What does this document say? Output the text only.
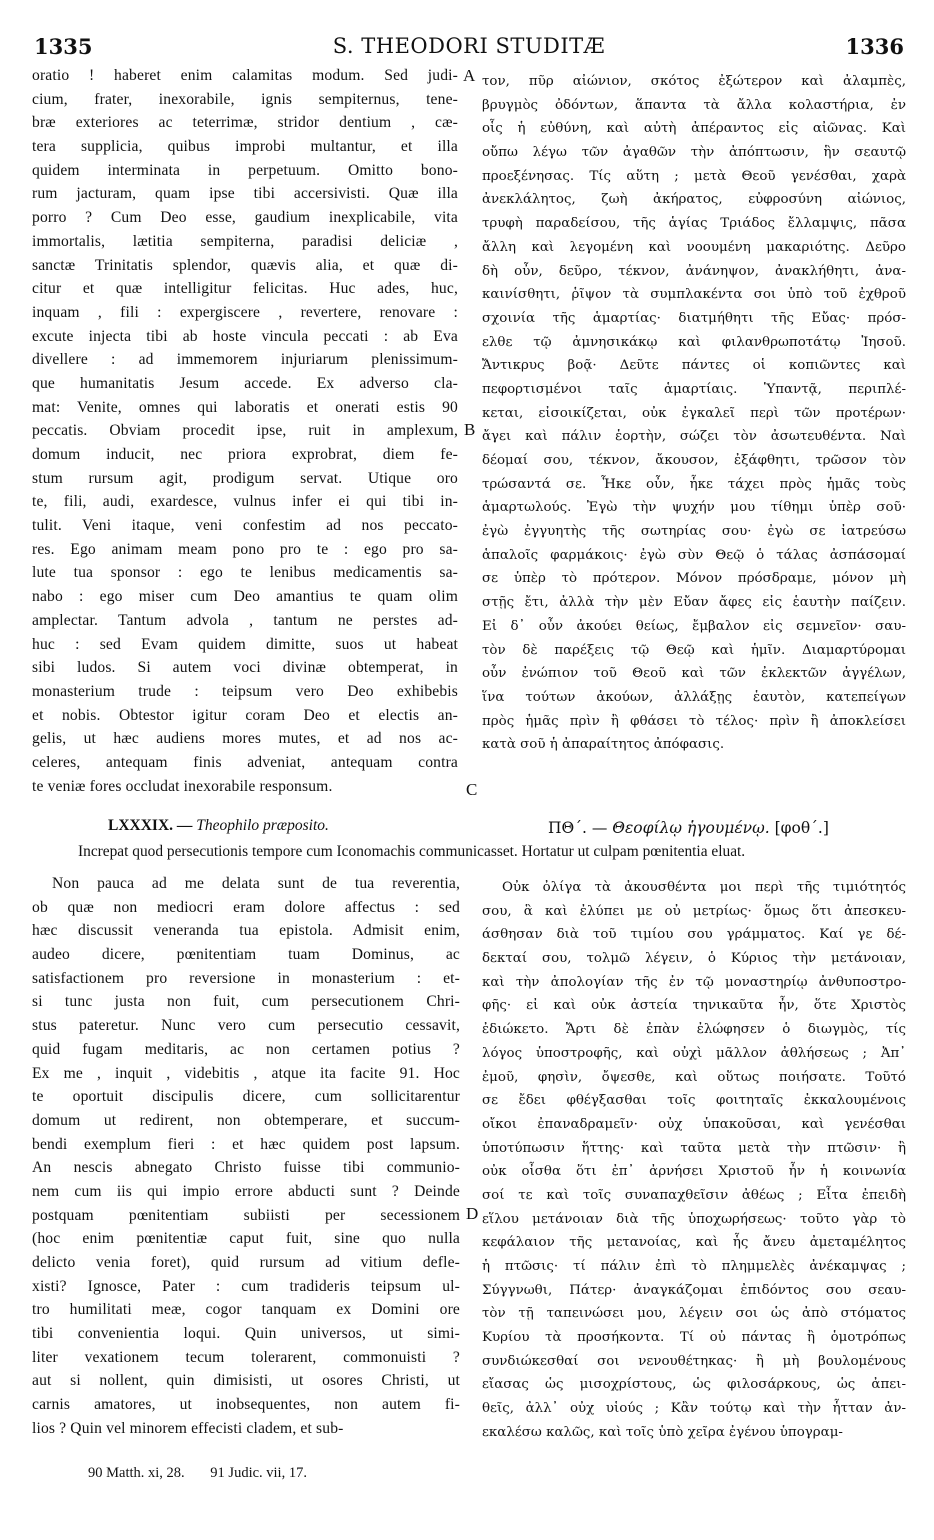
S. THEODORI STUDITÆ
1335	1336
oratio ! haberet enim calamitas modum. Sed judi-
cium, frater, inexorabile, ignis sempiternus, tene-
bræ exteriores ac teterrimæ, stridor dentium , cæ-
tera supplicia, quibus improbi multantur, et illa
quidem interminata in perpetuum. Omitto bono-
rum jacturam, quam ipse tibi accersivisti. Quæ illa
porro ? Cum Deo esse, gaudium inexplicabile, vita
immortalis, lætitia sempiterna, paradisi deliciæ ,
sanctæ Trinitatis splendor, quævis alia, et quæ di-
citur et quæ intelligitur felicitas. Huc ades, huc,
inquam , fili : expergiscere , revertere, renovare :
excute injecta tibi ab hoste vincula peccati : ab Eva
divellere : ad immemorem injuriarum plenissimum-
que humanitatis Jesum accede. Ex adverso cla-
mat: Venite, omnes qui laboratis et onerati estis 90
peccatis. Obviam procedit ipse, ruit in amplexum,
domum inducit, nec priora exprobrat, diem fe-
stum rursum agit, prodigum servat. Utique oro
te, fili, audi, exardesce, vulnus infer ei qui tibi in-
tulit. Veni itaque, veni confestim ad nos peccato-
res. Ego animam meam pono pro te : ego pro sa-
lute tua sponsor : ego te lenibus medicamentis sa-
nabo : ego miser cum Deo amantius te quam olim
amplectar. Tantum advola , tantum ne perstes ad-
huc : sed Evam quidem dimitte, suos ut habeat
sibi ludos. Si autem voci divinæ obtemperat, in
monasterium trude : teipsum vero Deo exhibebis
et nobis. Obtestor igitur coram Deo et electis an-
gelis, ut hæc audiens mores mutes, et ad nos ac-
celeres, antequam finis adveniat, antequam contra
te veniæ fores occludat inexorabile responsum.
τον, πῦρ αἰώνιον, σκότος ἐξώτερον καὶ ἀλαμπὲς,
βρυγμὸς ὀδόντων, ἅπαντα τὰ ἄλλα κολαστήρια, ἐν
οἷς ἡ εὐθύνη, καὶ αὐτὴ ἀπέραντος εἰς αἰῶνας. Καὶ
οὔπω λέγω τῶν ἀγαθῶν τὴν ἀπόπτωσιν, ἣν σεαυτῷ
προεξένησας. Τίς αὕτη ; μετὰ Θεοῦ γενέσθαι, χαρὰ
ἀνεκλάλητος, ζωὴ ἀκήρατος, εὐφροσύνη αἰώνιος,
τρυφὴ παραδείσου, τῆς ἁγίας Τριάδος ἔλλαμψις, πᾶσα
ἄλλη καὶ λεγομένη καὶ νοουμένη μακαριότης. Δεῦρο
δὴ οὖν, δεῦρο, τέκνον, ἀνάνηψον, ἀνακλήθητι, ἀνα-
καινίσθητι, ῥῖψον τὰ συμπλακέντα σοι ὑπὸ τοῦ ἐχθροῦ
σχοινία τῆς ἁμαρτίας· διατμήθητι τῆς Εὔας· πρόσ-
ελθε τῷ ἀμνησικάκῳ καὶ φιλανθρωποτάτῳ Ἰησοῦ.
Ἄντικρυς βοᾷ· Δεῦτε πάντες οἱ κοπιῶντες καὶ
πεφορτισμένοι ταῖς ἁμαρτίαις. Ὑπαντᾷ, περιπλέ-
κεται, εἰσοικίζεται, οὐκ ἐγκαλεῖ περὶ τῶν προτέρων·
ἄγει καὶ πάλιν ἑορτὴν, σώζει τὸν ἀσωτευθέντα. Ναὶ
δέομαί σου, τέκνον, ἄκουσον, ἐξάφθητι, τρῶσον τὸν
τρώσαντά σε. Ἧκε οὖν, ἧκε τάχει πρὸς ἡμᾶς τοὺς
ἁμαρτωλούς. Ἐγὼ τὴν ψυχήν μου τίθημι ὑπὲρ σοῦ·
ἐγὼ ἐγγυητὴς τῆς σωτηρίας σου· ἐγὼ σε ἰατρεύσω
ἁπαλοῖς φαρμάκοις· ἐγὼ σὺν Θεῷ ὁ τάλας ἀσπάσομαί
σε ὑπὲρ τὸ πρότερον. Μόνον πρόσδραμε, μόνον μὴ
στῇς ἔτι, ἀλλὰ τὴν μὲν Εὔαν ἄφες εἰς ἑαυτὴν παίζειν.
Εἰ δ᾿ οὖν ἀκούει θείως, ἔμβαλον εἰς σεμνεῖον· σαυ-
τὸν δὲ παρέξεις τῷ Θεῷ καὶ ἡμῖν. Διαμαρτύρομαι
οὖν ἐνώπιον τοῦ Θεοῦ καὶ τῶν ἐκλεκτῶν ἀγγέλων,
ἵνα τούτων ἀκούων, ἀλλάξῃς ἑαυτὸν, κατεπείγων
πρὸς ἡμᾶς πρὶν ἢ φθάσει τὸ τέλος· πρὶν ἢ ἀποκλείσει
κατὰ σοῦ ἡ ἀπαραίτητος ἀπόφασις.
A
B
C
D
LXXXIX. — Theophilo præposito.	ΠΘ΄. — Θεοφίλῳ ἡγουμένῳ. [φοθ΄.]
Increpat quod persecutionis tempore cum Iconomachis communicasset. Hortatur ut culpam pœnitentia eluat.
Non pauca ad me delata sunt de tua reverentia,
ob quæ non mediocri eram dolore affectus : sed
hæc discussit veneranda tua epistola. Admisit enim,
audeo dicere, pœnitentiam tuam Dominus, ac
satisfactionem pro reversione in monasterium : et-
si tunc justa non fuit, cum persecutionem Chri-
stus pateretur. Nunc vero cum persecutio cessavit,
quid fugam meditaris, ac non certamen potius ?
Ex me , inquit , videbitis , atque ita facite 91. Hoc
te oportuit discipulis dicere, cum sollicitarentur
domum ut redirent, non obtemperare, et succum-
bendi exemplum fieri : et hæc quidem post lapsum.
An nescis abnegato Christo fuisse tibi communio-
nem cum iis qui impio errore abducti sunt ? Deinde
postquam pœnitentiam subiisti per secessionem
(hoc enim pœnitentiæ caput fuit, sine quo nulla
delicto venia foret), quid rursum ad vitium defle-
xisti? Ignosce, Pater : cum tradideris teipsum ul-
tro humilitati meæ, cogor tanquam ex Domini ore
tibi convenientia loqui. Quin universos, ut simi-
liter vexationem tecum tolerarent, commonuisti ?
aut si nollent, quin dimisisti, ut osores Christi, ut
carnis amatores, ut inobsequentes, non autem fi-
lios ? Quin vel minorem effecisti cladem, et sub-
Οὐκ ὀλίγα τὰ ἀκουσθέντα μοι περὶ τῆς τιμιότητός
σου, ἃ καὶ ἐλύπει με οὐ μετρίως· ὅμως ὅτι ἀπεσκευ-
άσθησαν διὰ τοῦ τιμίου σου γράμματος. Καί γε δέ-
δεκταί σου, τολμῶ λέγειν, ὁ Κύριος τὴν μετάνοιαν,
καὶ τὴν ἀπολογίαν τῆς ἐν τῷ μοναστηρίῳ ἀνθυποστρο-
φῆς· εἰ καὶ οὐκ ἀστεία τηνικαῦτα ἦν, ὅτε Χριστὸς
ἐδιώκετο. Ἄρτι δὲ ἐπὰν ἐλώφησεν ὁ διωγμὸς, τίς
λόγος ὑποστροφῆς, καὶ οὐχὶ μᾶλλον ἀθλήσεως ; Ἀπ᾿
ἐμοῦ, φησὶν, ὄψεσθε, καὶ οὕτως ποιήσατε. Τοῦτό
σε ἔδει φθέγξασθαι τοῖς φοιτηταῖς ἐκκαλουμένοις
οἴκοι ἐπαναδραμεῖν· οὐχ ὑπακοῦσαι, καὶ γενέσθαι
ὑποτύπωσιν ἥττης· καὶ ταῦτα μετὰ τὴν πτῶσιν· ἢ
οὐκ οἶσθα ὅτι ἐπ᾿ ἀρνήσει Χριστοῦ ἦν ἡ κοινωνία
σοί τε καὶ τοῖς συναπαχθεῖσιν ἀθέως ; Εἶτα ἐπειδὴ
εἵλου μετάνοιαν διὰ τῆς ὑποχωρήσεως· τοῦτο γὰρ τὸ
κεφάλαιον τῆς μετανοίας, καὶ ἧς ἄνευ ἀμεταμέλητος
ἡ πτῶσις· τί πάλιν ἐπὶ τὸ πλημμελὲς ἀνέκαμψας ;
Σύγγνωθι, Πάτερ· ἀναγκάζομαι ἐπιδόντος σου σεαυ-
τὸν τῇ ταπεινώσει μου, λέγειν σοι ὡς ἀπὸ στόματος
Κυρίου τὰ προσήκοντα. Τί οὐ πάντας ἢ ὁμοτρόπως
συνδιώκεσθαί σοι νενουθέτηκας· ἢ μὴ βουλομένους
εἴασας ὡς μισοχρίστους, ὡς φιλοσάρκους, ὡς ἀπει-
θεῖς, ἀλλ᾿ οὐχ υἱούς ; Κἂν τούτῳ καὶ τὴν ἧτταν ἀν-
εκαλέσω καλῶς, καὶ τοῖς ὑπὸ χεῖρα ἐγένου ὑπογραμ-
90 Matth. xi, 28. 91 Judic. vii, 17.
